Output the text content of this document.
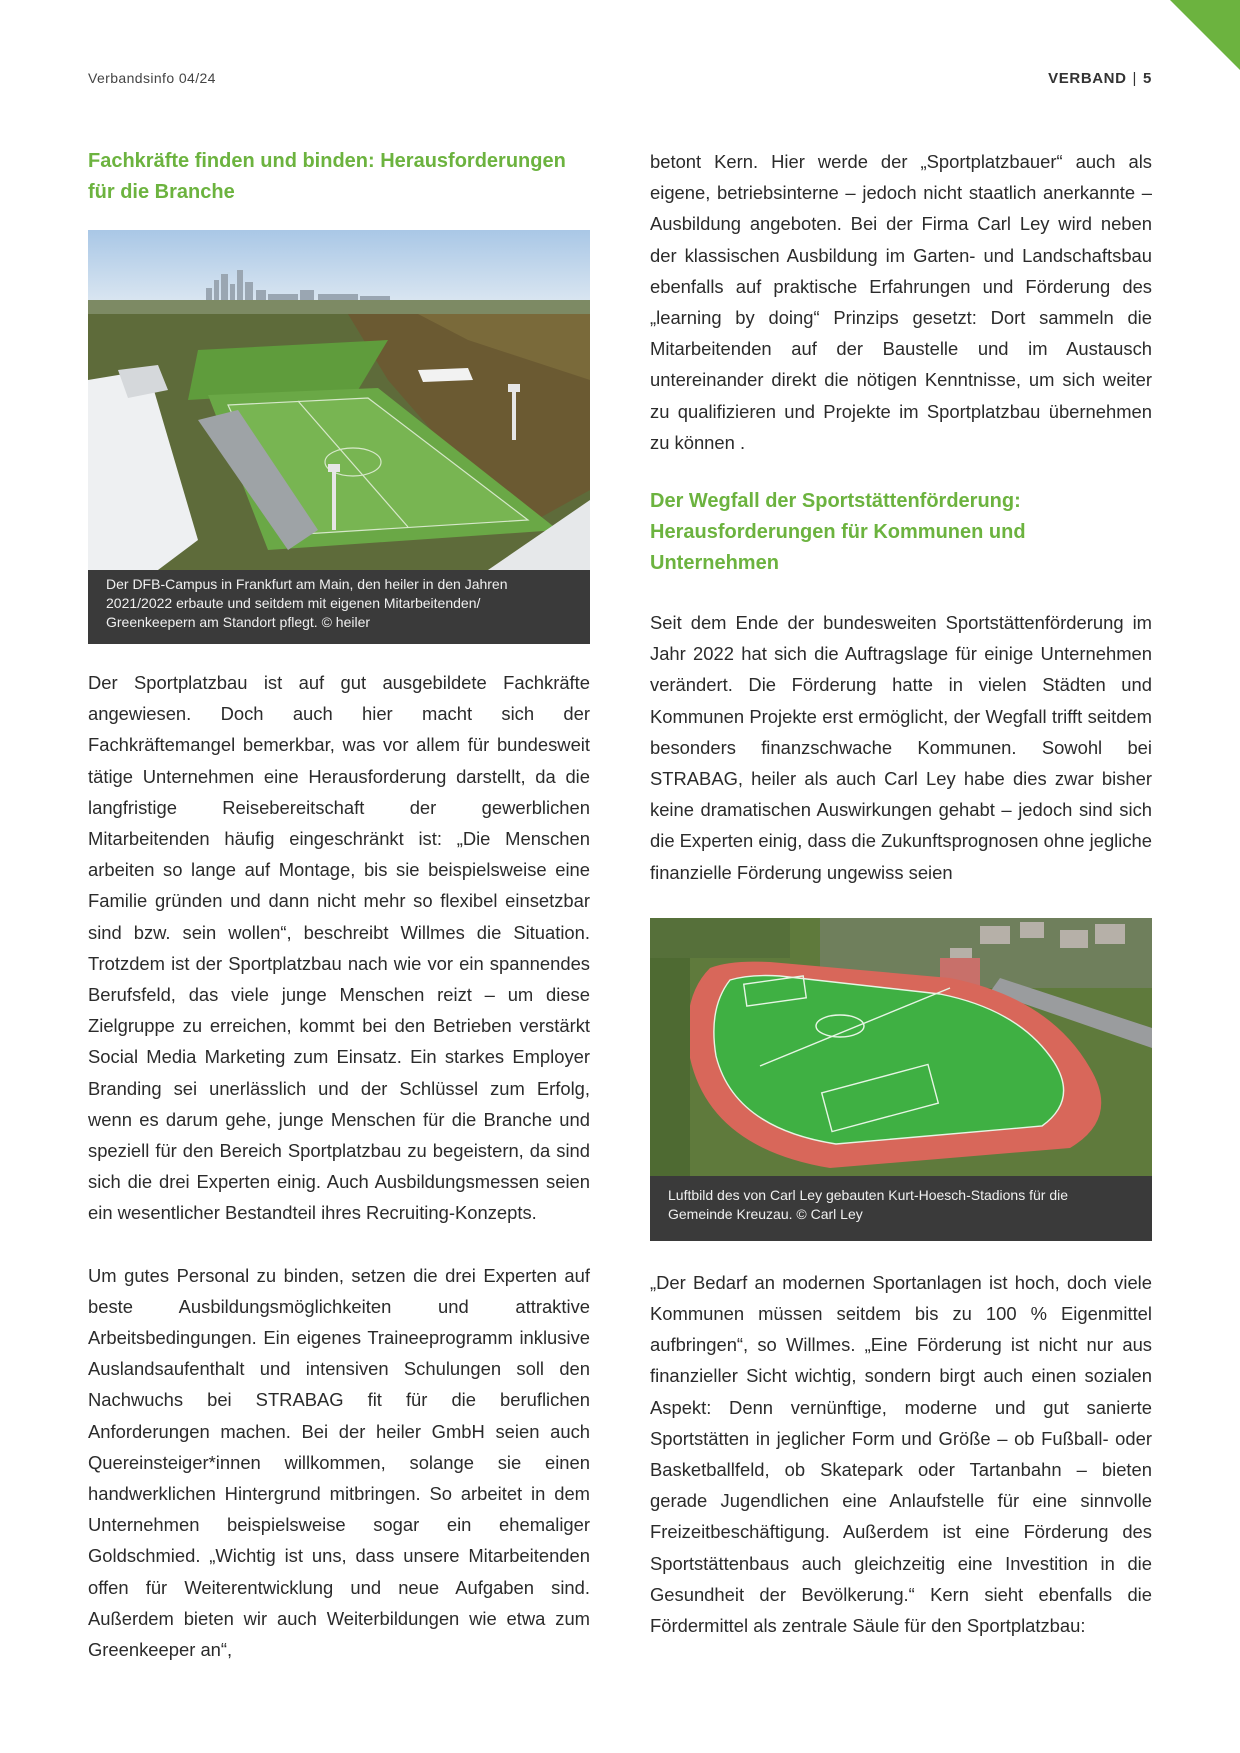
Verbandsinfo 04/24	VERBAND | 5
Fachkräfte finden und binden: Herausforderungen für die Branche
Der DFB-Campus in Frankfurt am Main, den heiler in den Jahren 2021/2022 erbaute und seitdem mit eigenen Mitarbeitenden/ Greenkeepern am Standort pflegt. © heiler

Der Sportplatzbau ist auf gut ausgebildete Fachkräfte angewiesen. Doch auch hier macht sich der Fachkräftemangel bemerkbar, was vor allem für bundesweit tätige Unternehmen eine Herausforderung darstellt, da die langfristige Reisebereitschaft der gewerblichen Mitarbeitenden häufig eingeschränkt ist: „Die Menschen arbeiten so lange auf Montage, bis sie beispielsweise eine Familie gründen und dann nicht mehr so flexibel einsetzbar sind bzw. sein wollen“, beschreibt Willmes die Situation. Trotzdem ist der Sportplatzbau nach wie vor ein spannendes Berufsfeld, das viele junge Menschen reizt – um diese Zielgruppe zu erreichen, kommt bei den Betrieben verstärkt Social Media Marketing zum Einsatz. Ein starkes Employer Branding sei unerlässlich und der Schlüssel zum Erfolg, wenn es darum gehe, junge Menschen für die Branche und speziell für den Bereich Sportplatzbau zu begeistern, da sind sich die drei Experten einig. Auch Ausbildungsmessen seien ein wesentlicher Bestandteil ihres Recruiting-Konzepts.

Um gutes Personal zu binden, setzen die drei Experten auf beste Ausbildungsmöglichkeiten und attraktive Arbeitsbedingungen. Ein eigenes Traineeprogramm inklusive Auslandsaufenthalt und intensiven Schulungen soll den Nachwuchs bei STRABAG fit für die beruflichen Anforderungen machen. Bei der heiler GmbH seien auch Quereinsteiger*innen willkommen, solange sie einen handwerklichen Hintergrund mitbringen. So arbeitet in dem Unternehmen beispielsweise sogar ein ehemaliger Goldschmied. „Wichtig ist uns, dass unsere Mitarbeitenden offen für Weiterentwicklung und neue Aufgaben sind. Außerdem bieten wir auch Weiterbildungen wie etwa zum Greenkeeper an“,

betont Kern. Hier werde der „Sportplatzbauer“ auch als eigene, betriebsinterne – jedoch nicht staatlich anerkannte – Ausbildung angeboten. Bei der Firma Carl Ley wird neben der klassischen Ausbildung im Garten- und Landschaftsbau ebenfalls auf praktische Erfahrungen und Förderung des „learning by doing“ Prinzips gesetzt: Dort sammeln die Mitarbeitenden auf der Baustelle und im Austausch untereinander direkt die nötigen Kenntnisse, um sich weiter zu qualifizieren und Projekte im Sportplatzbau übernehmen zu können .

Der Wegfall der Sportstättenförderung: Herausforderungen für Kommunen und Unternehmen

Seit dem Ende der bundesweiten Sportstättenförderung im Jahr 2022 hat sich die Auftragslage für einige Unternehmen verändert. Die Förderung hatte in vielen Städten und Kommunen Projekte erst ermöglicht, der Wegfall trifft seitdem besonders finanzschwache Kommunen. Sowohl bei STRABAG, heiler als auch Carl Ley habe dies zwar bisher keine dramatischen Auswirkungen gehabt – jedoch sind sich die Experten einig, dass die Zukunftsprognosen ohne jegliche finanzielle Förderung ungewiss seien

Luftbild des von Carl Ley gebauten Kurt-Hoesch-Stadions für die Gemeinde Kreuzau. © Carl Ley

„Der Bedarf an modernen Sportanlagen ist hoch, doch viele Kommunen müssen seitdem bis zu 100 % Eigenmittel aufbringen“, so Willmes. „Eine Förderung ist nicht nur aus finanzieller Sicht wichtig, sondern birgt auch einen sozialen Aspekt: Denn vernünftige, moderne und gut sanierte Sportstätten in jeglicher Form und Größe – ob Fußball- oder Basketballfeld, ob Skatepark oder Tartanbahn – bieten gerade Jugendlichen eine Anlaufstelle für eine sinnvolle Freizeitbeschäftigung. Außerdem ist eine Förderung des Sportstättenbaus auch gleichzeitig eine Investition in die Gesundheit der Bevölkerung.“ Kern sieht ebenfalls die Fördermittel als zentrale Säule für den Sportplatzbau:
